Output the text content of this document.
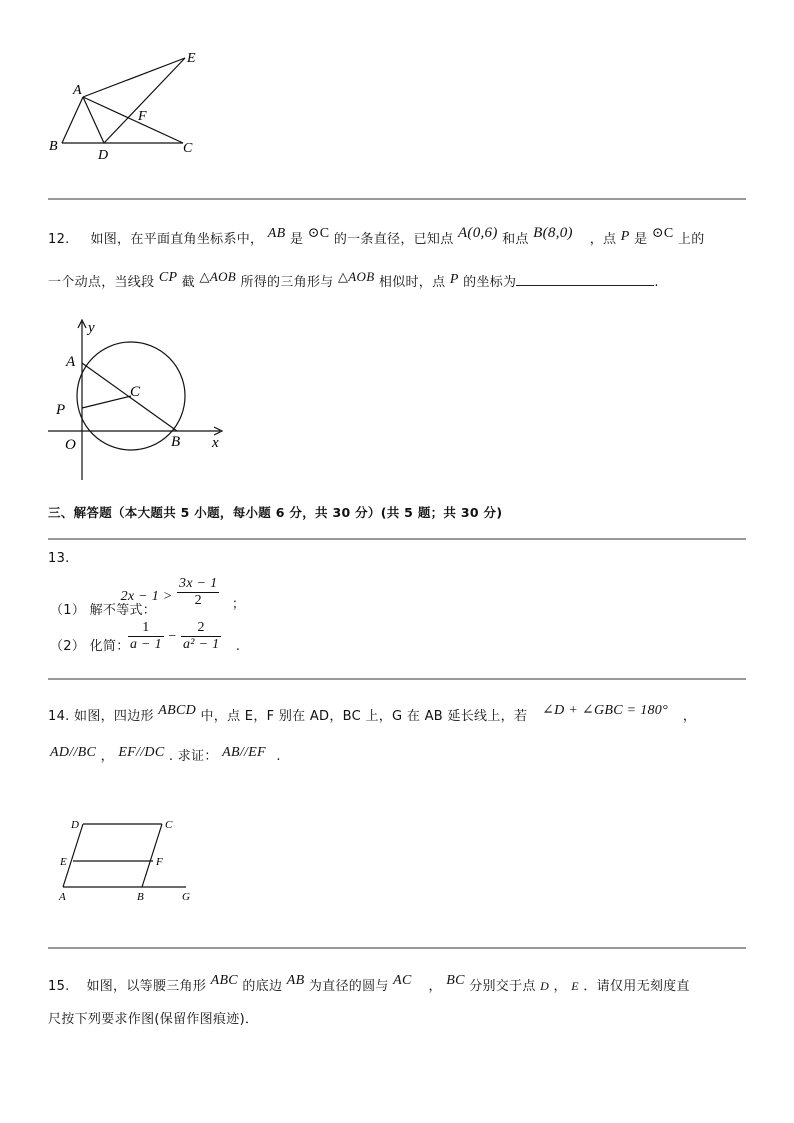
A
B	C
D
E
F
12. 如图，在平面直角坐标系中， AB 是 ⊙C 的一条直径，已知点 A(0,6) 和点 B(8,0) ，点 P 是 ⊙C 上的
一个动点，当线段 CP 截 △AOB 所得的三角形与 △AOB 相似时，点 P 的坐标为	.
y
A
C
P
O	B x
三、解答题（本大题共 5 小题，每小题 6 分，共 30 分）(共 5 题；共 30 分)
13.
（1） 解不等式： $2x - 1 > \frac{3x - 1}{2}$ ；
（2） 化简：
$\frac{1}{a - 1} - \frac{2}{\text{a² − 1}}$ .
14. 如图，四边形 ABCD 中，点 E，F 别在 AD，BC 上，G 在 AB 延长线上，若 ∠D + ∠GBC = 180° ，
AD//BC ， EF//DC . 求证： AB//EF .
D	C
E	F
A	B	G
15. 如图，以等腰三角形 ABC 的底边 AB 为直径的圆与 AC ， BC 分别交于点 D ， E ．请仅用无刻度直
尺按下列要求作图(保留作图痕迹)．
